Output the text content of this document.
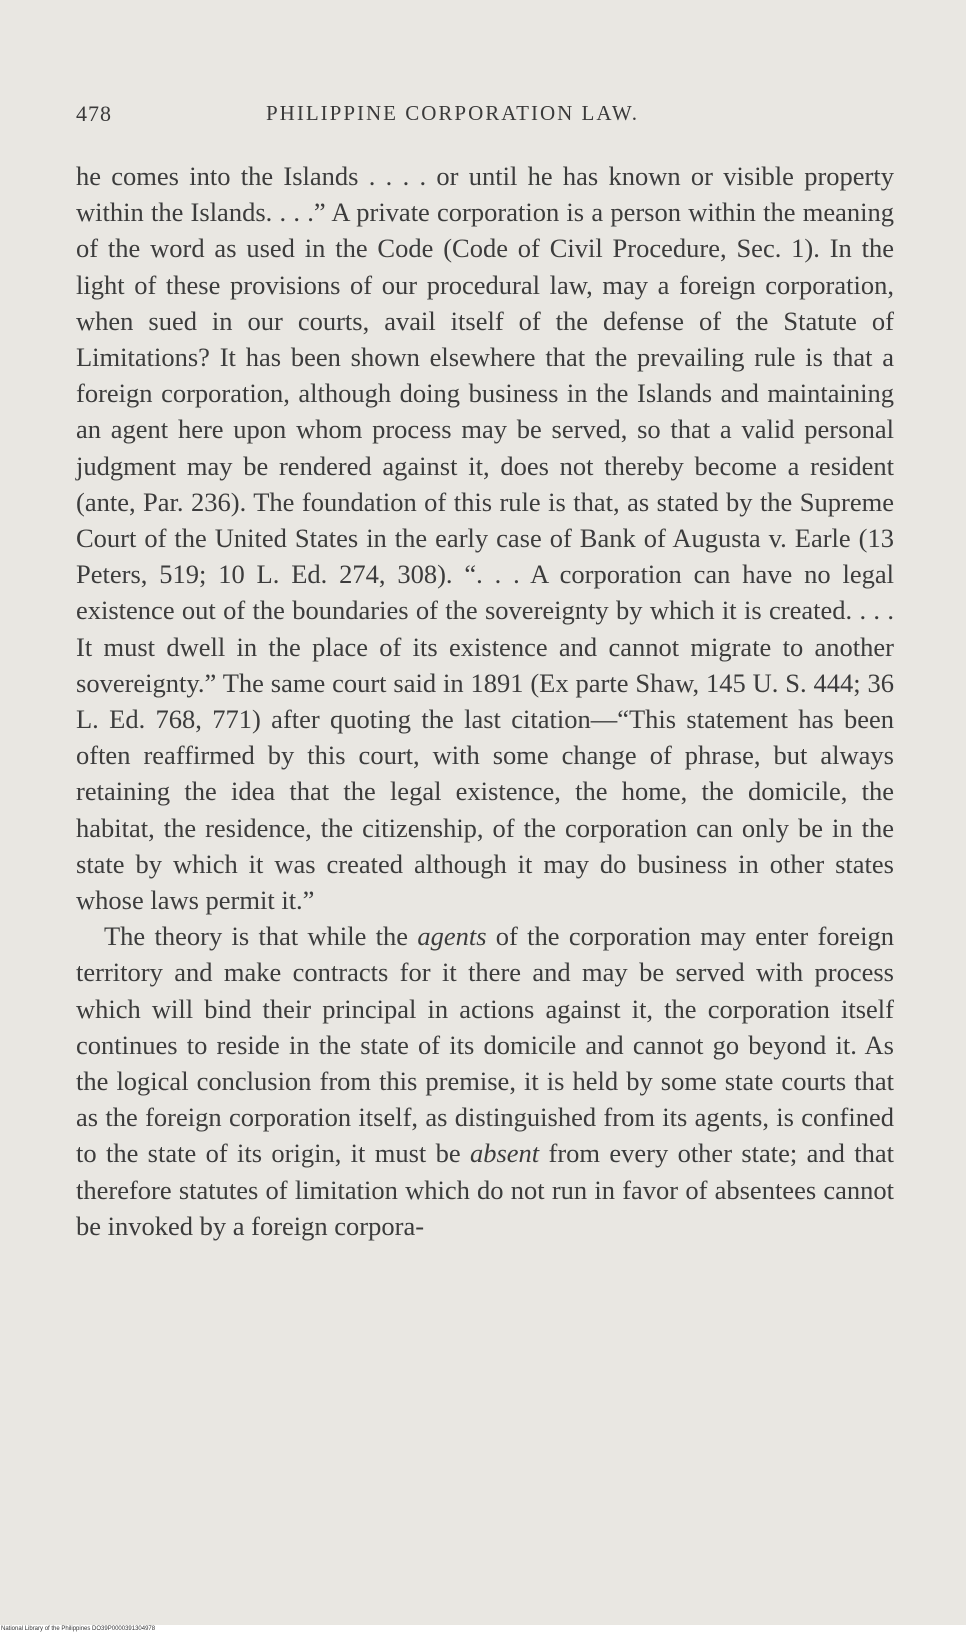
478	PHILIPPINE CORPORATION LAW.

he comes into the Islands . . . . or until he has known or visible property within the Islands. . . .” A private corporation is a person within the meaning of the word as used in the Code (Code of Civil Procedure, Sec. 1). In the light of these provisions of our procedural law, may a foreign corporation, when sued in our courts, avail itself of the defense of the Statute of Limitations? It has been shown elsewhere that the prevailing rule is that a foreign corporation, although doing business in the Islands and maintaining an agent here upon whom process may be served, so that a valid personal judgment may be rendered against it, does not thereby become a resident (ante, Par. 236). The foundation of this rule is that, as stated by the Supreme Court of the United States in the early case of Bank of Augusta v. Earle (13 Peters, 519; 10 L. Ed. 274, 308). “. . . A corporation can have no legal existence out of the boundaries of the sovereignty by which it is created. . . . It must dwell in the place of its existence and cannot migrate to another sovereignty.” The same court said in 1891 (Ex parte Shaw, 145 U. S. 444; 36 L. Ed. 768, 771) after quoting the last citation—“This statement has been often reaffirmed by this court, with some change of phrase, but always retaining the idea that the legal existence, the home, the domicile, the habitat, the residence, the citizenship, of the corporation can only be in the state by which it was created although it may do business in other states whose laws permit it.”

The theory is that while the agents of the corporation may enter foreign territory and make contracts for it there and may be served with process which will bind their principal in actions against it, the corporation itself continues to reside in the state of its domicile and cannot go beyond it. As the logical conclusion from this premise, it is held by some state courts that as the foreign corporation itself, as distinguished from its agents, is confined to the state of its origin, it must be absent from every other state; and that therefore statutes of limitation which do not run in favor of absentees cannot be invoked by a foreign corpora-

National Library of the Philippines DO39P0000391304978
